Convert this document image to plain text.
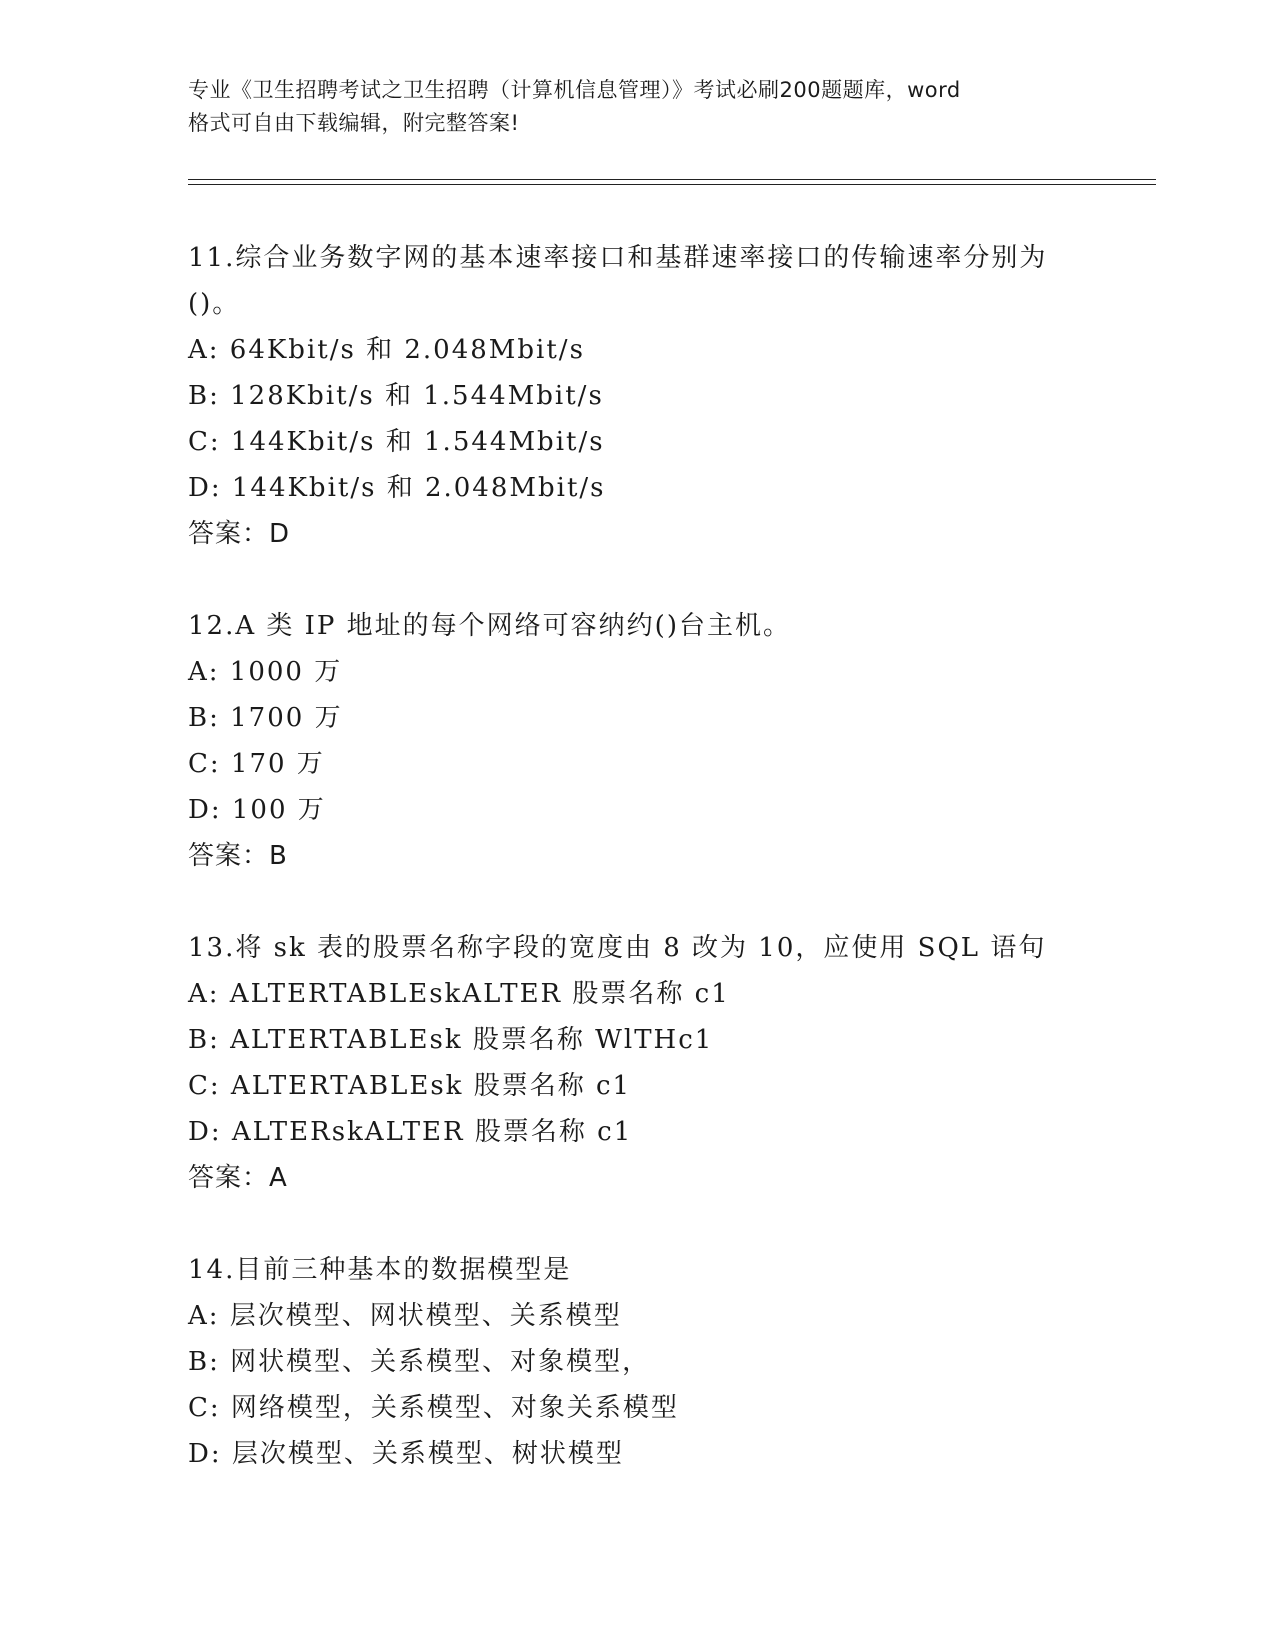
专业《卫生招聘考试之卫生招聘（计算机信息管理）》考试必刷200题题库，word
格式可自由下载编辑，附完整答案!
11.综合业务数字网的基本速率接口和基群速率接口的传输速率分别为
()。
A: 64Kbit/s 和 2.048Mbit/s
B: 128Kbit/s 和 1.544Mbit/s
C: 144Kbit/s 和 1.544Mbit/s
D: 144Kbit/s 和 2.048Mbit/s
答案：D
12.A 类 IP 地址的每个网络可容纳约()台主机。
A: 1000 万
B: 1700 万
C: 170 万
D: 100 万
答案：B
13.将 sk 表的股票名称字段的宽度由 8 改为 10，应使用 SQL 语句
A: ALTERTABLEskALTER 股票名称 c1
B: ALTERTABLEsk 股票名称 WlTHc1
C: ALTERTABLEsk 股票名称 c1
D: ALTERskALTER 股票名称 c1
答案：A
14.目前三种基本的数据模型是
A: 层次模型、网状模型、关系模型
B: 网状模型、关系模型、对象模型，
C: 网络模型，关系模型、对象关系模型
D: 层次模型、关系模型、树状模型
